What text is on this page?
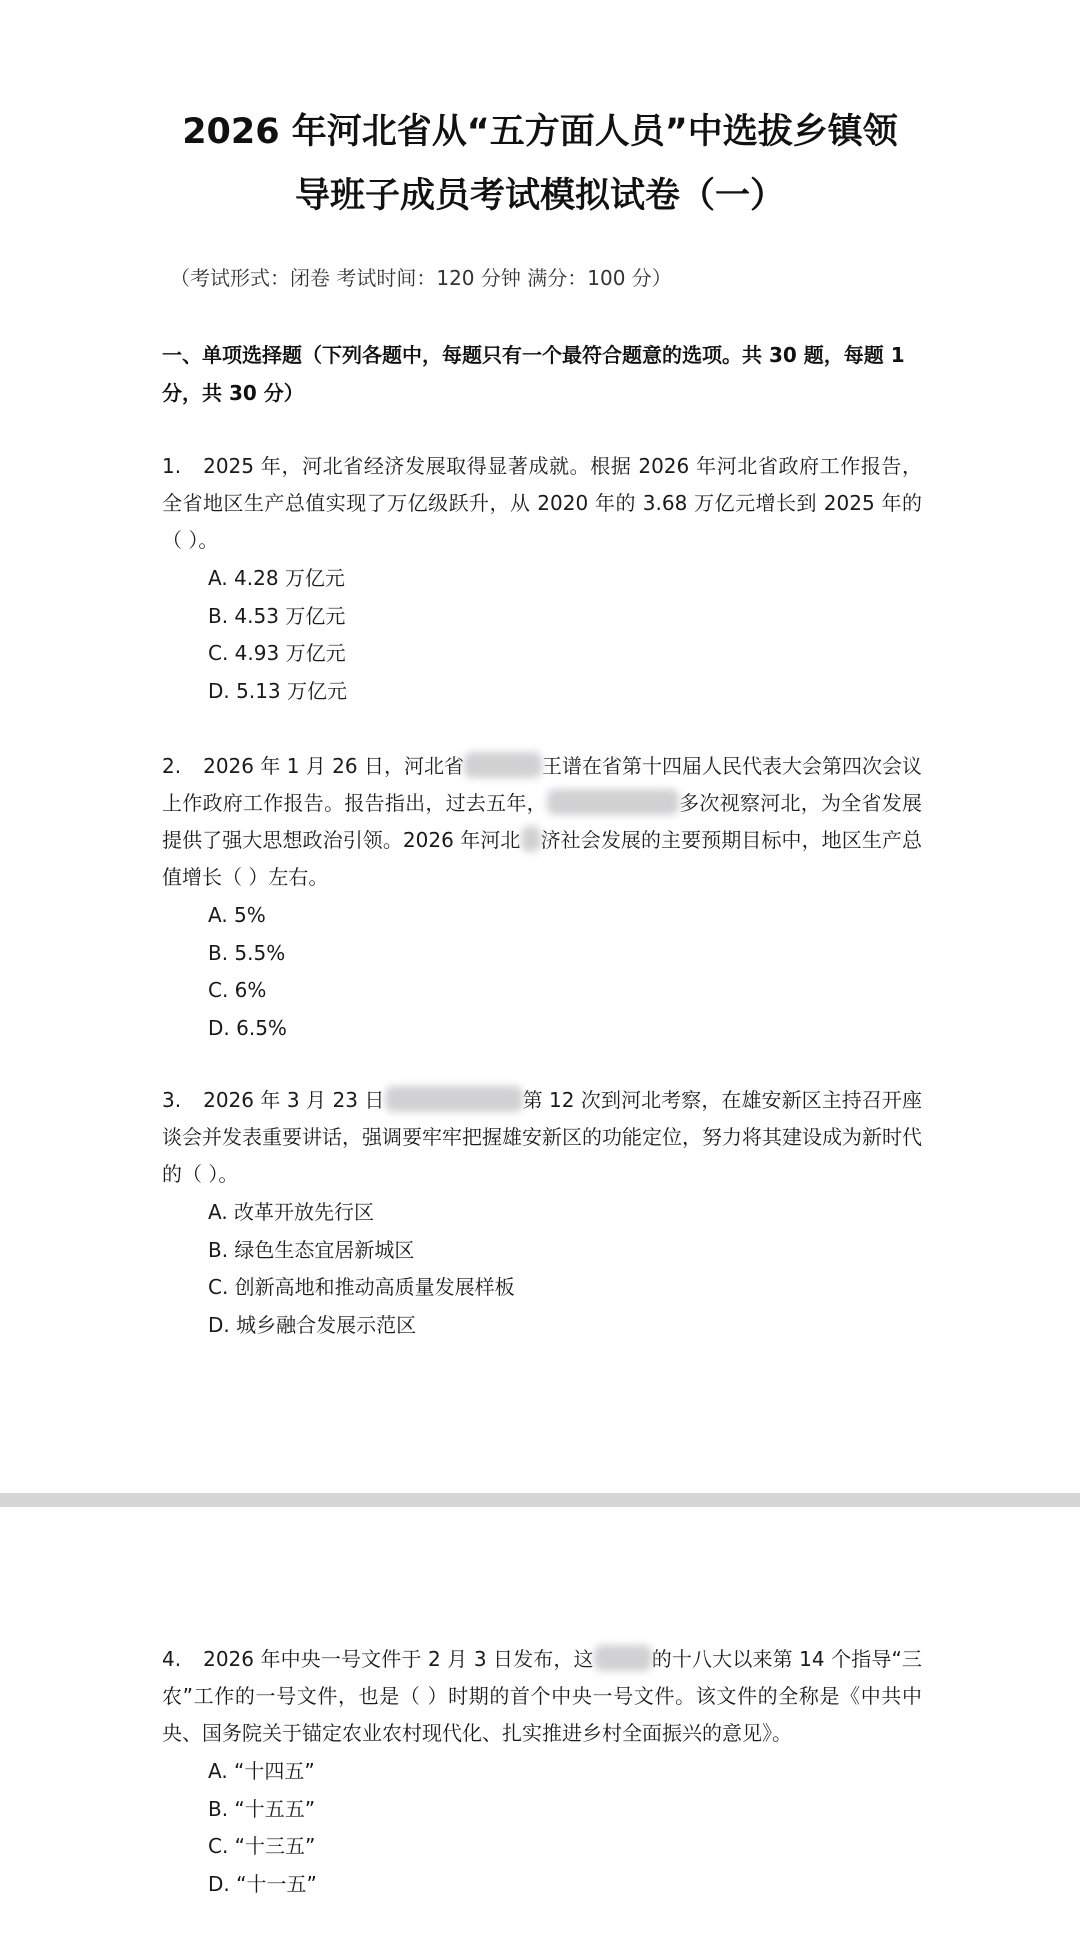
2026 年河北省从“五方面人员”中选拔乡镇领
导班子成员考试模拟试卷（一）
（考试形式：闭卷 考试时间：120 分钟 满分：100 分）
一、单项选择题（下列各题中，每题只有一个最符合题意的选项。共 30 题，每题 1 分，共 30 分）
1. 2025 年，河北省经济发展取得显著成就。根据 2026 年河北省政府工作报告，全省地区生产总值实现了万亿级跃升，从 2020 年的 3.68 万亿元增长到 2025 年的（ ）。
A. 4.28 万亿元
B. 4.53 万亿元
C. 4.93 万亿元
D. 5.13 万亿元
2. 2026 年 1 月 26 日，河北省	王谱在省第十四届人民代表大会第四次会议上作政府工作报告。报告指出，过去五年，	多次视察河北，为全省发展提供了强大思想政治引领。2026 年河北 济社会发展的主要预期目标中，地区生产总值增长（ ）左右。
A. 5%
B. 5.5%
C. 6%
D. 6.5%
3. 2026 年 3 月 23 日	第 12 次到河北考察，在雄安新区主持召开座谈会并发表重要讲话，强调要牢牢把握雄安新区的功能定位，努力将其建设成为新时代的（ ）。
A. 改革开放先行区
B. 绿色生态宜居新城区
C. 创新高地和推动高质量发展样板
D. 城乡融合发展示范区
4. 2026 年中央一号文件于 2 月 3 日发布，这	的十八大以来第 14 个指导“三农”工作的一号文件，也是（ ）时期的首个中央一号文件。该文件的全称是《中共中央、国务院关于锚定农业农村现代化、扎实推进乡村全面振兴的意见》。
A. “十四五”
B. “十五五”
C. “十三五”
D. “十一五”
